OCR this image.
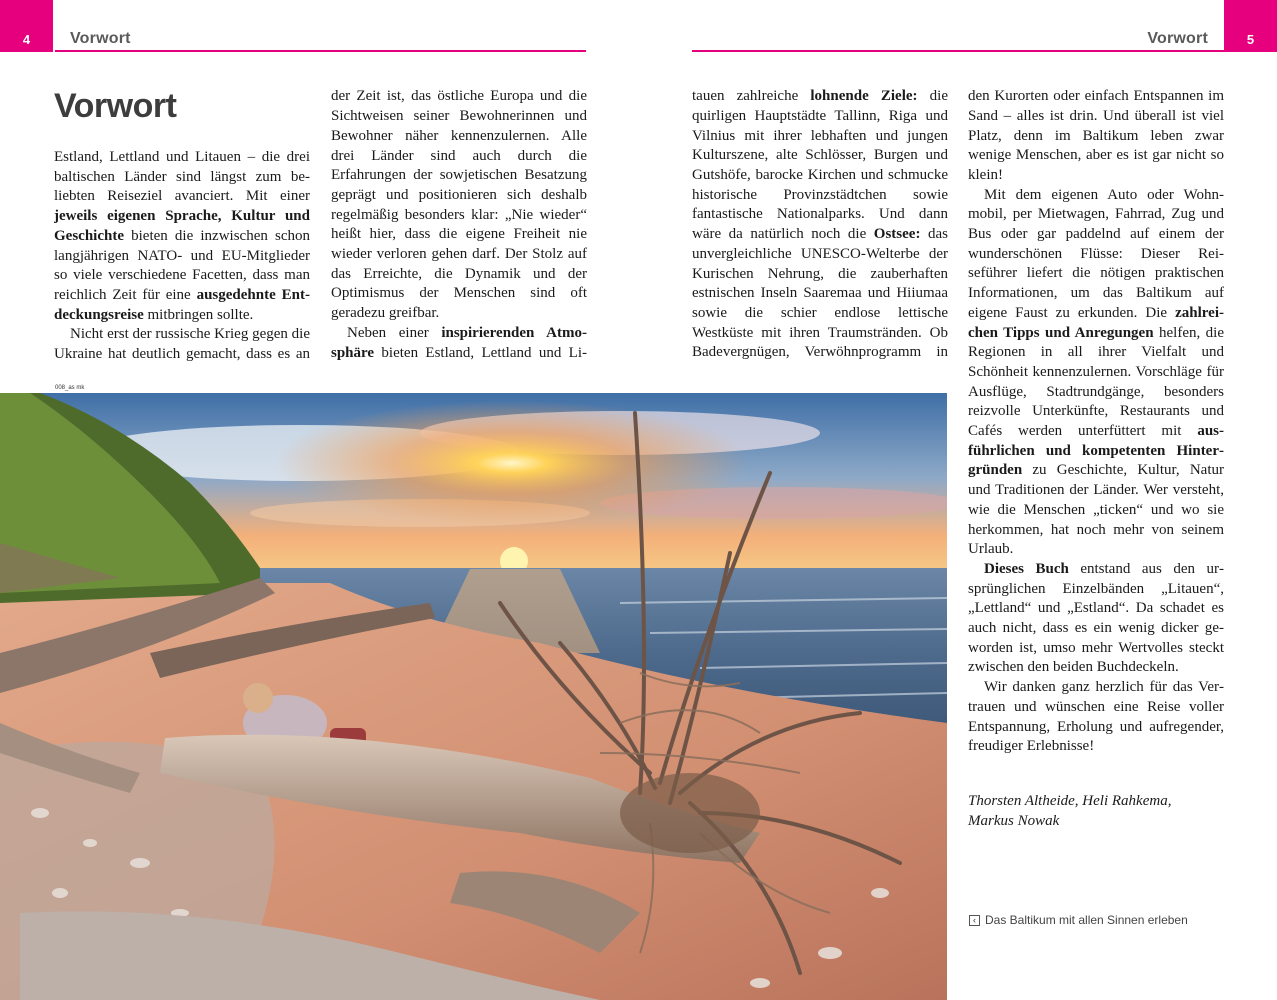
4	Vorwort
Vorwort

Estland, Lettland und Litauen – die drei baltischen Länder sind längst zum beliebten Reiseziel avanciert. Mit einer jeweils eigenen Sprache, Kultur und Geschichte bieten die inzwischen schon langjährigen NATO- und EU-Mitglieder so viele verschiedene Facetten, dass man reichlich Zeit für eine ausgedehnte Entdeckungsreise mitbringen sollte.

Nicht erst der russische Krieg gegen die Ukraine hat deutlich gemacht, dass es an

008_as mk

der Zeit ist, das östliche Europa und die Sichtweisen seiner Bewohnerinnen und Bewohner näher kennenzulernen. Alle drei Länder sind auch durch die Erfahrungen der sowjetischen Besatzung geprägt und positionieren sich deshalb regelmäßig besonders klar: „Nie wieder“ heißt hier, dass die eigene Freiheit nie wieder verloren gehen darf. Der Stolz auf das Erreichte, die Dynamik und der Optimismus der Menschen sind oft geradezu greifbar.

Neben einer inspirierenden Atmosphäre bieten Estland, Lettland und Li

5
Vorwort
‹ Das Baltikum mit allen Sinnen erleben

auen zahlreiche lohnende Ziele: die quirligen Hauptstädte Tallinn, Riga und Vilnius mit ihrer lebhaften und jungen Kulturszene, alte Schlösser, Burgen und Gutshöfe, barocke Kirchen und schmucke historische Provinzstädtchen sowie fantastische Nationalparks. Und dann wäre da natürlich noch die Ostsee: das unvergleichliche UNESCO-Welterbe der Kurischen Nehrung, die zauberhaften estnischen Inseln Saaremaa und Hiiumaa sowie die schier endlose lettische Westküste mit ihren Traumstränden. Ob Badevergnügen, Verwöhnprogramm in

den Kurorten oder einfach Entspannen im Sand – alles ist drin. Und überall ist viel Platz, denn im Baltikum leben zwar wenige Menschen, aber es ist gar nicht so klein!

Mit dem eigenen Auto oder Wohnmobil, per Mietwagen, Fahrrad, Zug und Bus oder gar paddelnd auf einem der wunderschönen Flüsse: Dieser Reiseführer liefert die nötigen praktischen Informationen, um das Baltikum auf eigene Faust zu erkunden. Die zahlreichen Tipps und Anregungen helfen, die Regionen in all ihrer Vielfalt und Schönheit kennenzulernen. Vorschläge für Ausflüge, Stadtrundgänge, besonders reizvolle Unterkünfte, Restaurants und Cafés werden unterfüttert mit ausführlichen und kompetenten Hintergründen zu Geschichte, Kultur, Natur und Traditionen der Länder. Wer versteht, wie die Menschen „ticken“ und wo sie herkommen, hat noch mehr von seinem Urlaub.

Dieses Buch entstand aus den ursprünglichen Einzelbänden „Litauen“, „Lettland“ und „Estland“. Da schadet es auch nicht, dass es ein wenig dicker geworden ist, umso mehr Wertvolles steckt zwischen den beiden Buchdeckeln.

Wir danken ganz herzlich für das Vertrauen und wünschen eine Reise voller Entspannung, Erholung und aufregender, freudiger Erlebnisse!

Thorsten Altheide, Heli Rahkema,
Markus Nowak
